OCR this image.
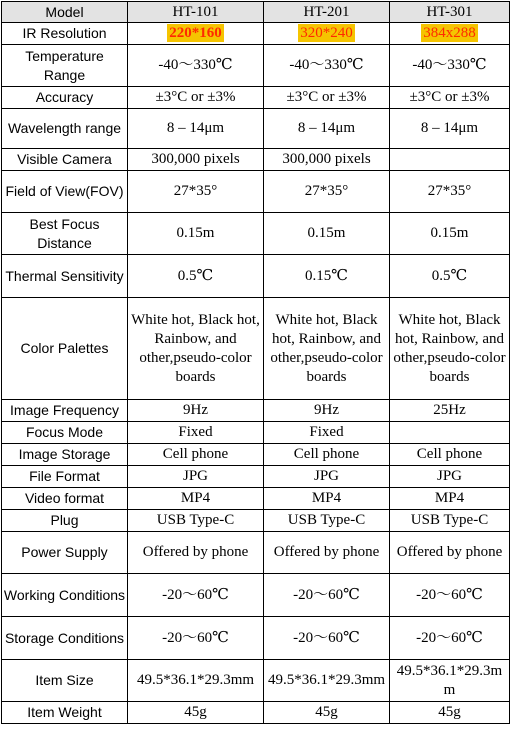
Model	HT-101	HT-201	HT-301
IR Resolution	220*160	320*240	384x288
Temperature Range	-40～330℃	-40～330℃	-40～330℃
Accuracy	±3°C or ±3%	±3°C or ±3%	±3°C or ±3%
Wavelength range	8 – 14μm	8 – 14μm	8 – 14μm
Visible Camera	300,000 pixels	300,000 pixels	
Field of View(FOV)	27*35°	27*35°	27*35°
Best Focus Distance	0.15m	0.15m	0.15m
Thermal Sensitivity	0.5℃	0.15℃	0.5℃
Color Palettes	White hot, Black hot, Rainbow, and other,pseudo-color boards	White hot, Black hot, Rainbow, and other,pseudo-color boards	White hot, Black hot, Rainbow, and other,pseudo-color boards
Image Frequency	9Hz	9Hz	25Hz
Focus Mode	Fixed	Fixed	
Image Storage	Cell phone	Cell phone	Cell phone
File Format	JPG	JPG	JPG
Video format	MP4	MP4	MP4
Plug	USB Type-C	USB Type-C	USB Type-C
Power Supply	Offered by phone	Offered by phone	Offered by phone
Working Conditions	-20～60℃	-20～60℃	-20～60℃
Storage Conditions	-20～60℃	-20～60℃	-20～60℃
Item Size	49.5*36.1*29.3mm	49.5*36.1*29.3mm	49.5*36.1*29.3mm
Item Weight	45g	45g	45g
